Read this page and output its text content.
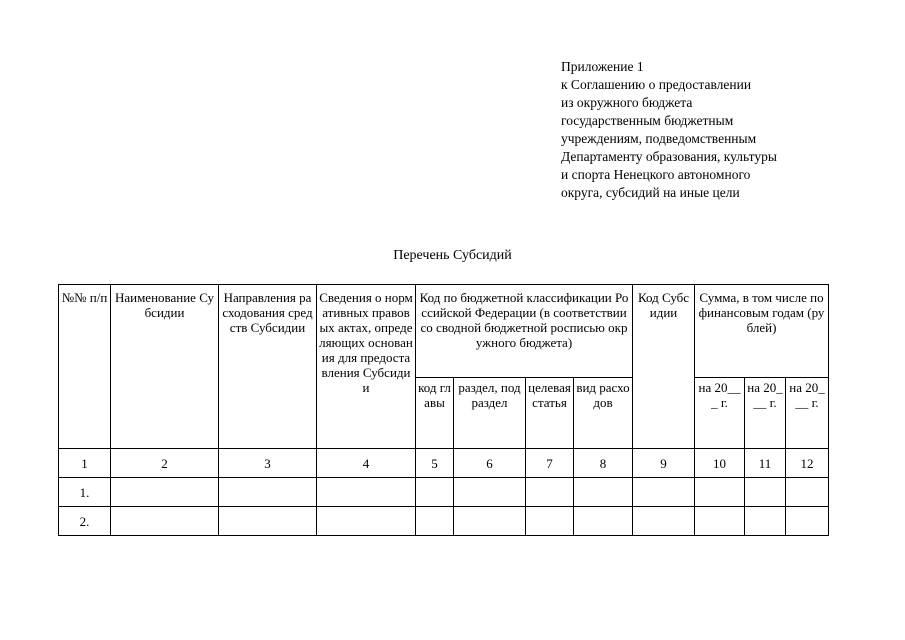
Приложение 1
к Соглашению о предоставлении
из окружного бюджета
государственным бюджетным
учреждениям, подведомственным
Департаменту образования, культуры
и спорта Ненецкого автономного
округа, субсидий на иные цели
Перечень Субсидий
№№ п/п	Наименование Субсидии	Направления расходования средств Субсидии	Сведения о нормативных правовых актах, определяющих основания для предоставления Субсидии	Код по бюджетной классификации Российской Федерации (в соответствии со сводной бюджетной росписью окружного бюджета)				Код Субсидии	Сумма, в том числе по финансовым годам (рублей)		

				код главы	раздел, подраздел	целевая статья	вид расходов		на 20___ г.	на 20___ г.	на 20___ г.

1	2	3	4	5	6	7	8	9	10	11	12
1.											
2.											
